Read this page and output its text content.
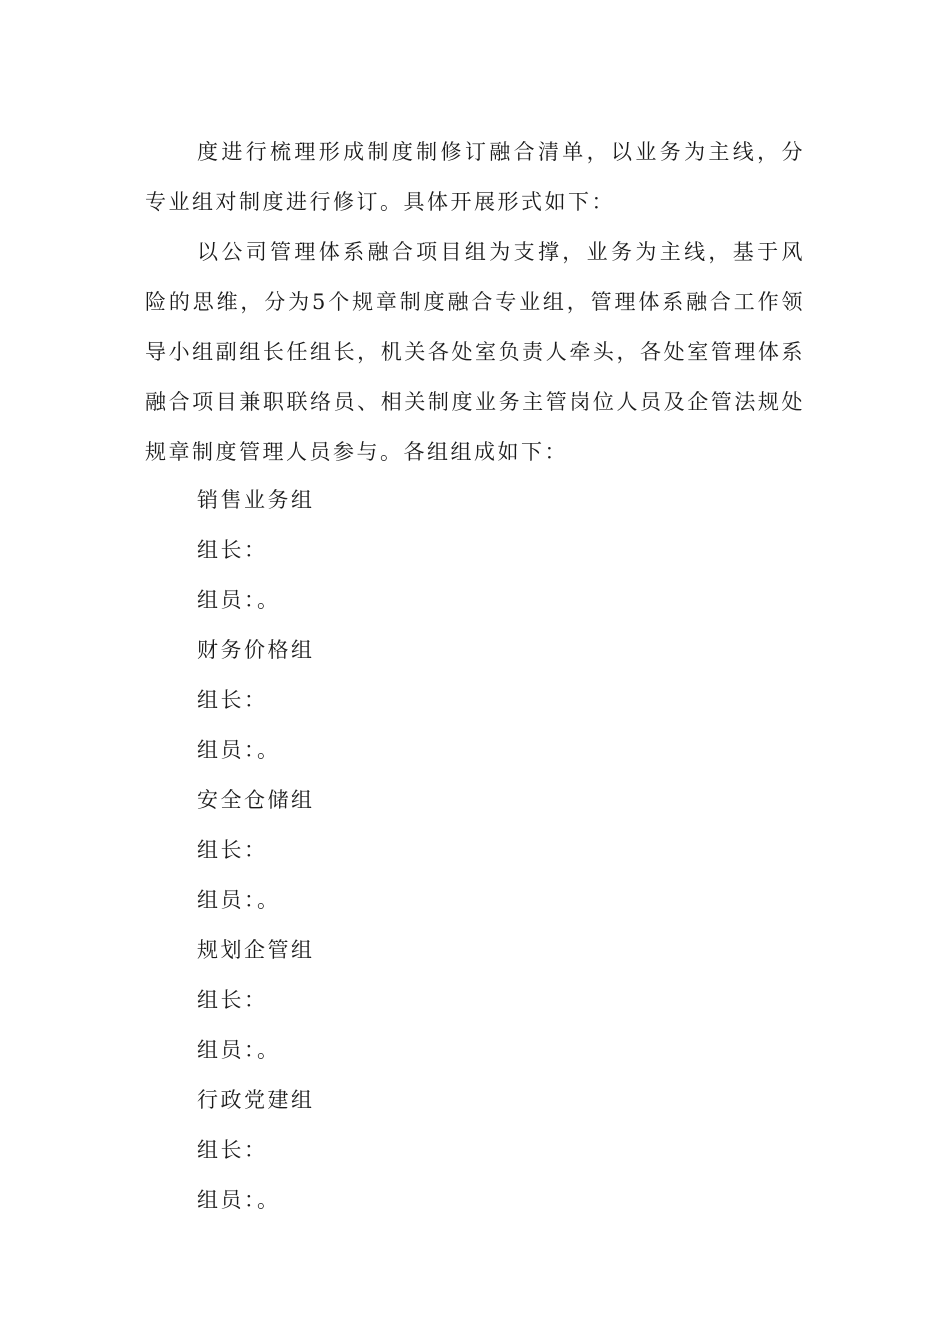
度进行梳理形成制度制修订融合清单，以业务为主线，分专业组对制度进行修订。具体开展形式如下：

以公司管理体系融合项目组为支撑，业务为主线，基于风险的思维，分为5个规章制度融合专业组，管理体系融合工作领导小组副组长任组长，机关各处室负责人牵头，各处室管理体系融合项目兼职联络员、相关制度业务主管岗位人员及企管法规处规章制度管理人员参与。各组组成如下：

销售业务组

组长：

组员：。

财务价格组

组长：

组员：。

安全仓储组

组长：

组员：。

规划企管组

组长：

组员：。

行政党建组

组长：

组员：。
